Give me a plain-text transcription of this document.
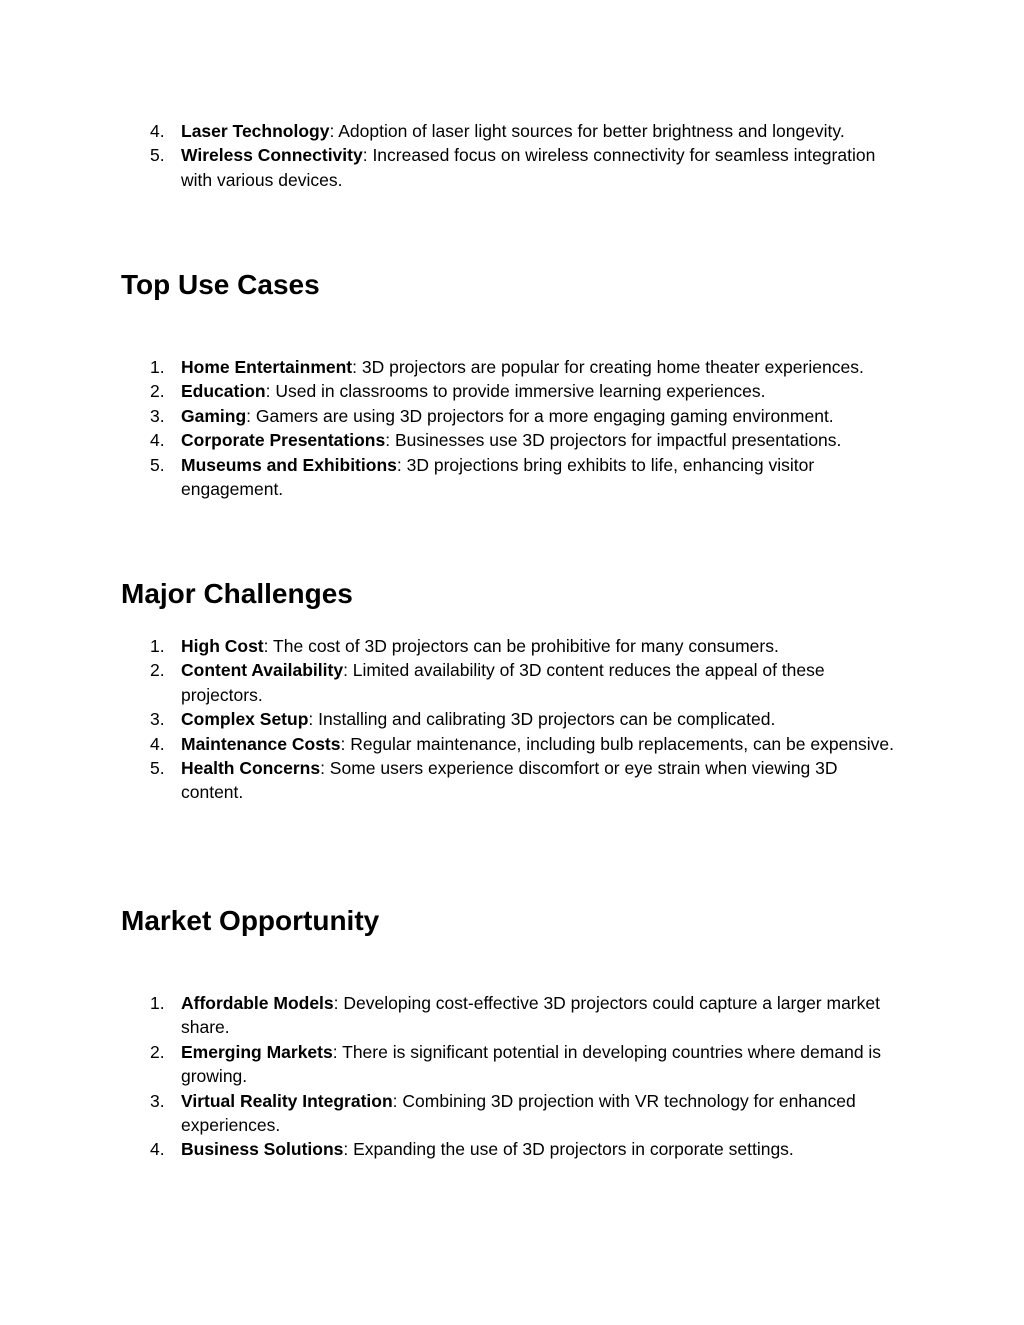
4. Laser Technology: Adoption of laser light sources for better brightness and longevity.
5. Wireless Connectivity: Increased focus on wireless connectivity for seamless integration with various devices.
Top Use Cases
1. Home Entertainment: 3D projectors are popular for creating home theater experiences.
2. Education: Used in classrooms to provide immersive learning experiences.
3. Gaming: Gamers are using 3D projectors for a more engaging gaming environment.
4. Corporate Presentations: Businesses use 3D projectors for impactful presentations.
5. Museums and Exhibitions: 3D projections bring exhibits to life, enhancing visitor engagement.
Major Challenges
1. High Cost: The cost of 3D projectors can be prohibitive for many consumers.
2. Content Availability: Limited availability of 3D content reduces the appeal of these projectors.
3. Complex Setup: Installing and calibrating 3D projectors can be complicated.
4. Maintenance Costs: Regular maintenance, including bulb replacements, can be expensive.
5. Health Concerns: Some users experience discomfort or eye strain when viewing 3D content.
Market Opportunity
1. Affordable Models: Developing cost-effective 3D projectors could capture a larger market share.
2. Emerging Markets: There is significant potential in developing countries where demand is growing.
3. Virtual Reality Integration: Combining 3D projection with VR technology for enhanced experiences.
4. Business Solutions: Expanding the use of 3D projectors in corporate settings.
